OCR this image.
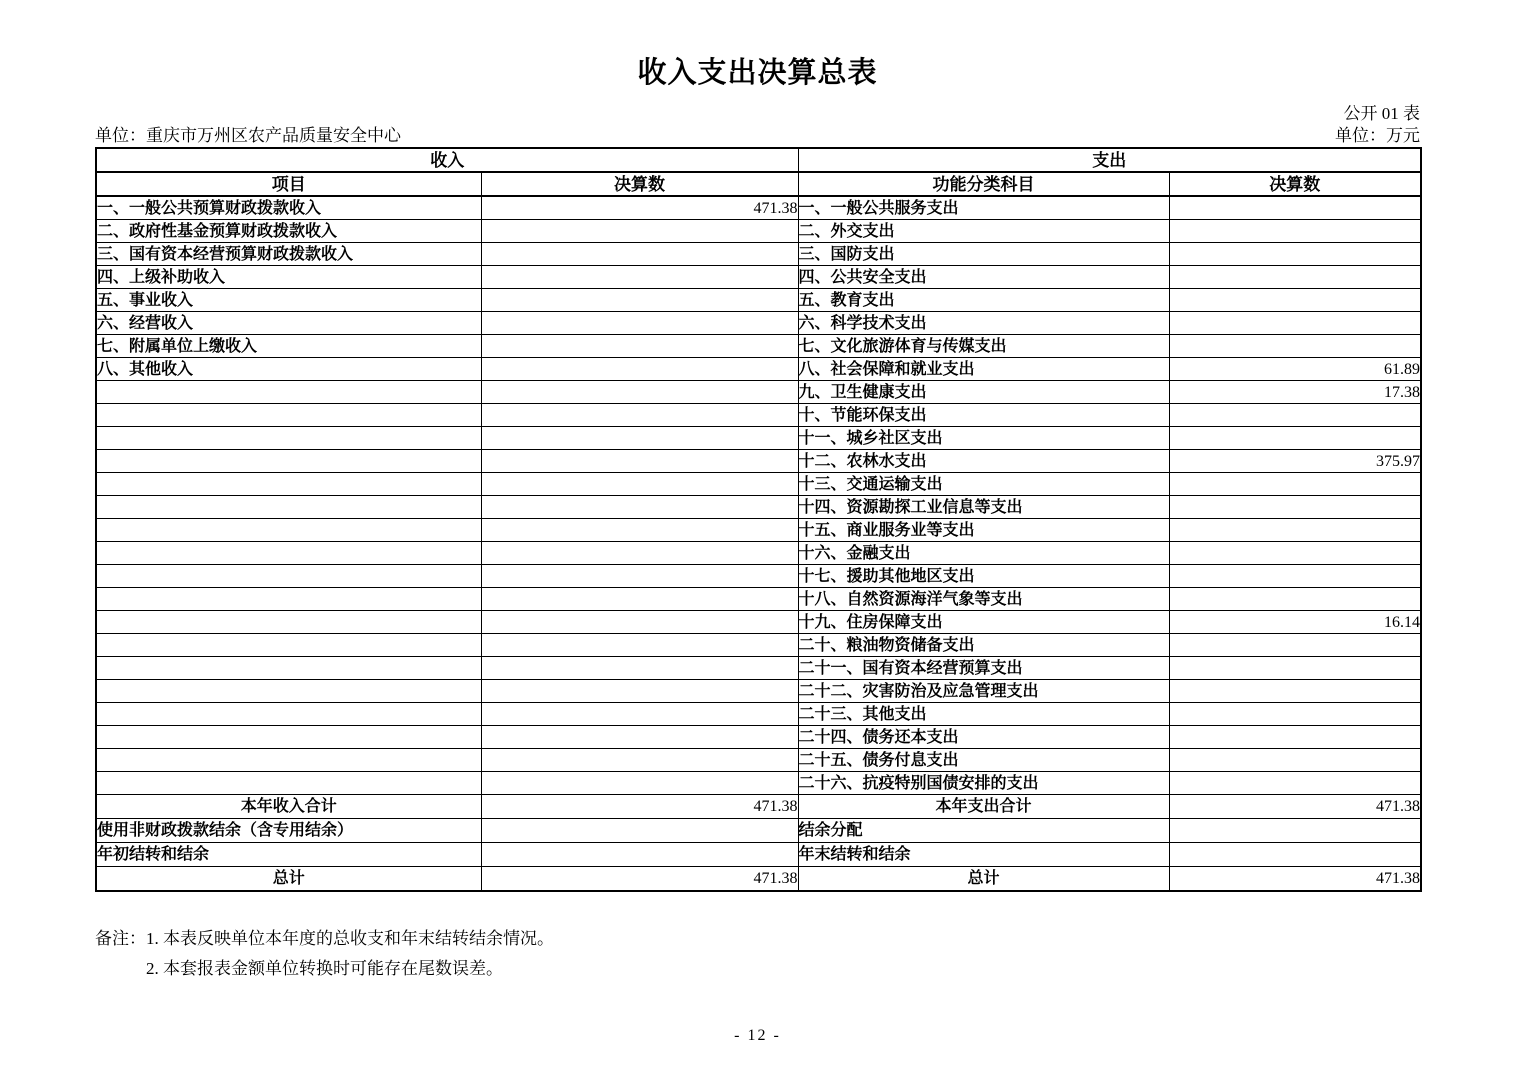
收入支出决算总表
公开 01 表
单位：重庆市万州区农产品质量安全中心	单位：万元
收入		支出	
项目	决算数	功能分类科目	决算数
一、一般公共预算财政拨款收入	471.38	一、一般公共服务支出	
二、政府性基金预算财政拨款收入		二、外交支出	
三、国有资本经营预算财政拨款收入		三、国防支出	
四、上级补助收入		四、公共安全支出	
五、事业收入		五、教育支出	
六、经营收入		六、科学技术支出	
七、附属单位上缴收入		七、文化旅游体育与传媒支出	
八、其他收入		八、社会保障和就业支出	61.89
		九、卫生健康支出	17.38
		十、节能环保支出	
		十一、城乡社区支出	
		十二、农林水支出	375.97
		十三、交通运输支出	
		十四、资源勘探工业信息等支出	
		十五、商业服务业等支出	
		十六、金融支出	
		十七、援助其他地区支出	
		十八、自然资源海洋气象等支出	
		十九、住房保障支出	16.14
		二十、粮油物资储备支出	
		二十一、国有资本经营预算支出	
		二十二、灾害防治及应急管理支出	
		二十三、其他支出	
		二十四、债务还本支出	
		二十五、债务付息支出	
		二十六、抗疫特别国债安排的支出	
本年收入合计	471.38	本年支出合计	471.38
使用非财政拨款结余（含专用结余）		结余分配	
年初结转和结余		年末结转和结余	
总计	471.38	总计	471.38
备注：1. 本表反映单位本年度的总收支和年末结转结余情况。
2. 本套报表金额单位转换时可能存在尾数误差。
- 12 -
